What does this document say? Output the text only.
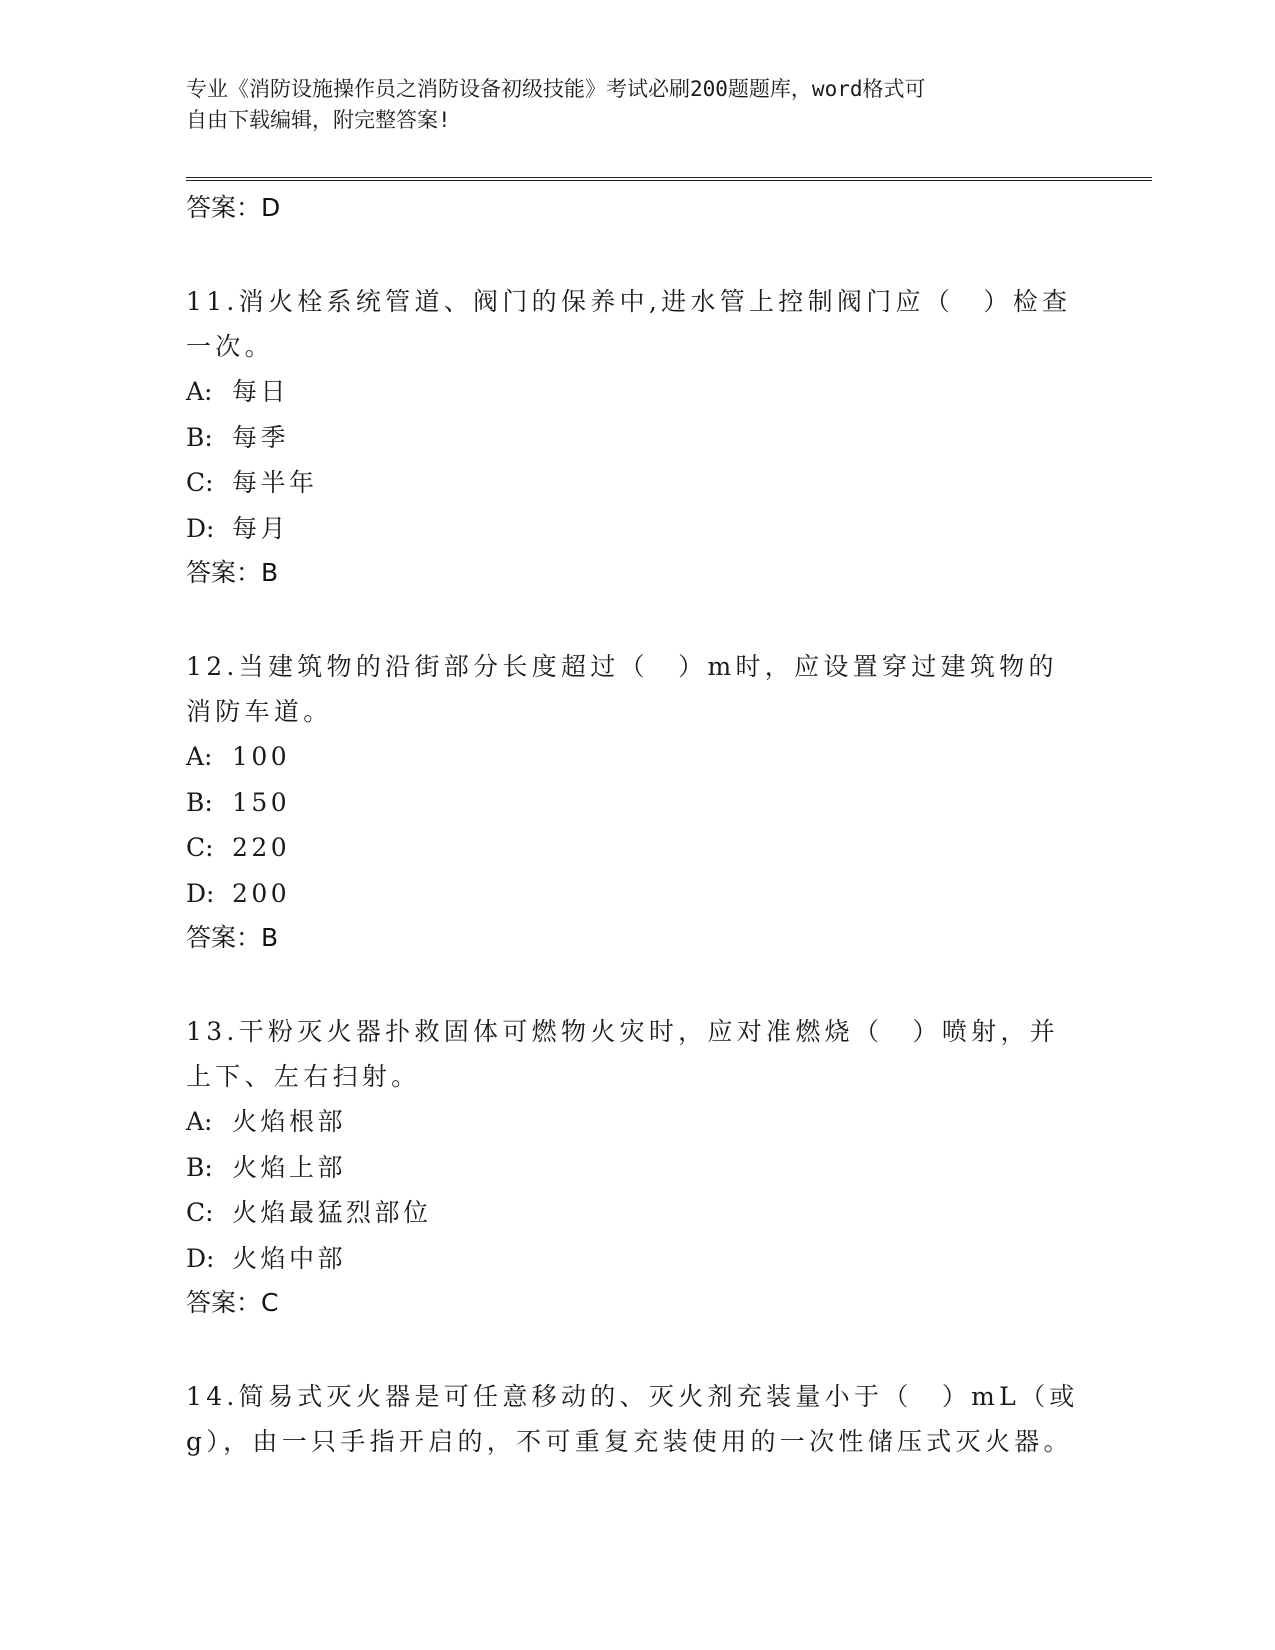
专业《消防设施操作员之消防设备初级技能》考试必刷200题题库，word格式可
自由下载编辑，附完整答案!
答案：D

11.消火栓系统管道、阀门的保养中,进水管上控制阀门应（　）检查一次。

A: 每日
B: 每季
C: 每半年
D: 每月
答案：B

12.当建筑物的沿街部分长度超过（　）m时，应设置穿过建筑物的消防车道。

A: 100
B: 150
C: 220
D: 200
答案：B

13.干粉灭火器扑救固体可燃物火灾时，应对准燃烧（　）喷射，并上下、左右扫射。

A: 火焰根部
B: 火焰上部
C: 火焰最猛烈部位
D: 火焰中部
答案：C

14.简易式灭火器是可任意移动的、灭火剂充装量小于（　）mL（或g），由一只手指开启的，不可重复充装使用的一次性储压式灭火器。
